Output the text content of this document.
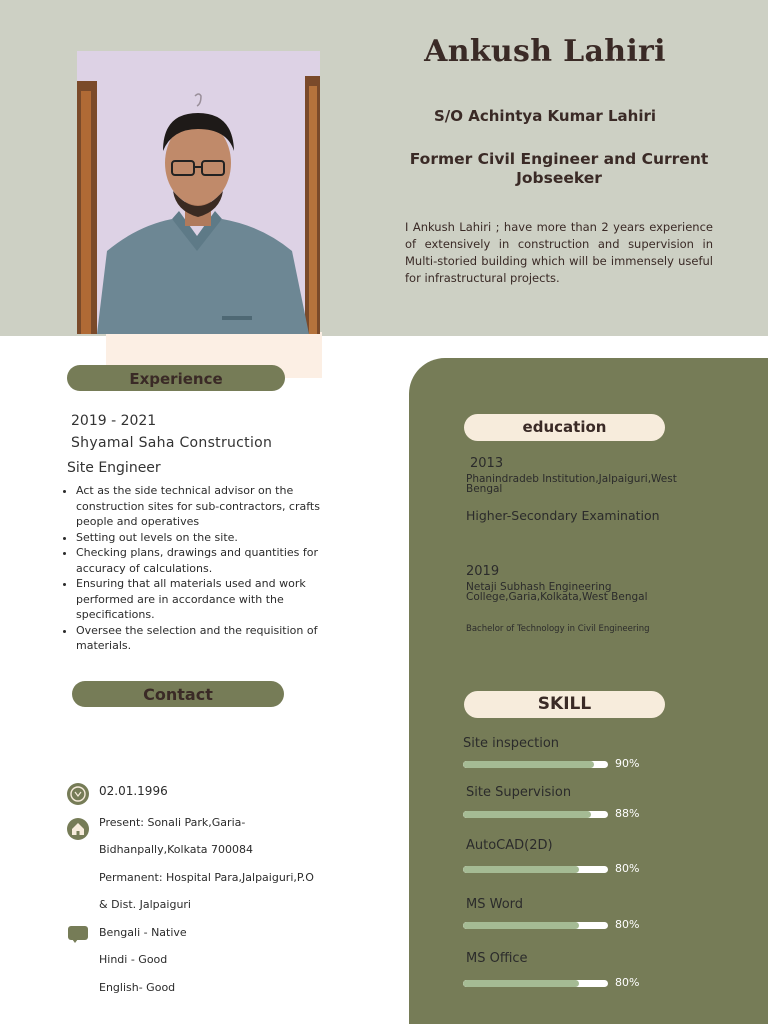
Ankush Lahiri
S/O Achintya Kumar Lahiri
Former Civil Engineer and Current Jobseeker
I Ankush Lahiri ; have more than 2 years experience of extensively in construction and supervision in Multi-storied building which will be immensely useful for infrastructural projects.
Experience
2019 - 2021
Shyamal Saha Construction
Site Engineer
• Act as the side technical advisor on the construction sites for sub-contractors, crafts people and operatives
• Setting out levels on the site.
• Checking plans, drawings and quantities for accuracy of calculations.
• Ensuring that all materials used and work performed are in accordance with the specifications.
• Oversee the selection and the requisition of materials.
Contact
02.01.1996
Present: Sonali Park,Garia-
Bidhanpally,Kolkata 700084
Permanent: Hospital Para,Jalpaiguri,P.O
& Dist. Jalpaiguri
Bengali - Native
Hindi - Good
English- Good
education
2013
Phanindradeb Institution,Jalpaiguri,West Bengal
Higher-Secondary Examination
2019
Netaji Subhash Engineering College,Garia,Kolkata,West Bengal
Bachelor of Technology in Civil Engineering
SKILL
Site inspection
90%
Site Supervision
88%
AutoCAD(2D)
80%
MS Word
80%
MS Office
80%
